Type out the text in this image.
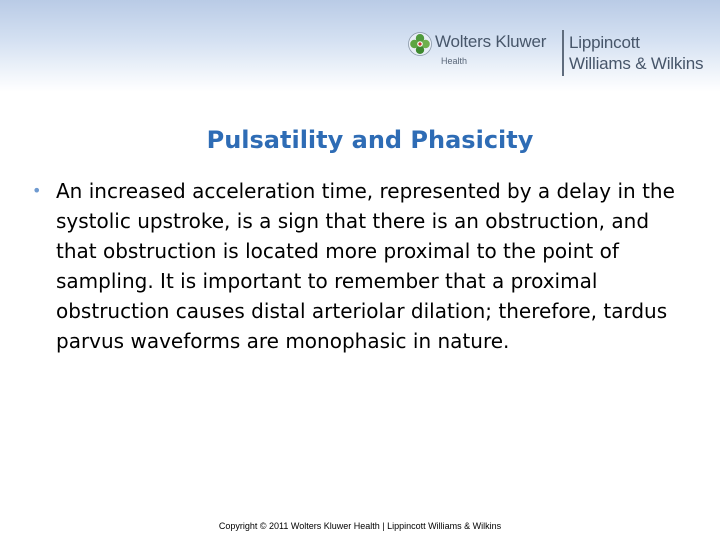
Wolters Kluwer
Health
Lippincott
Williams & Wilkins
Pulsatility and Phasicity
• An increased acceleration time, represented by a delay in the systolic upstroke, is a sign that there is an obstruction, and that obstruction is located more proximal to the point of sampling. It is important to remember that a proximal obstruction causes distal arteriolar dilation; therefore, tardus parvus waveforms are monophasic in nature.
Copyright © 2011 Wolters Kluwer Health | Lippincott Williams & Wilkins
